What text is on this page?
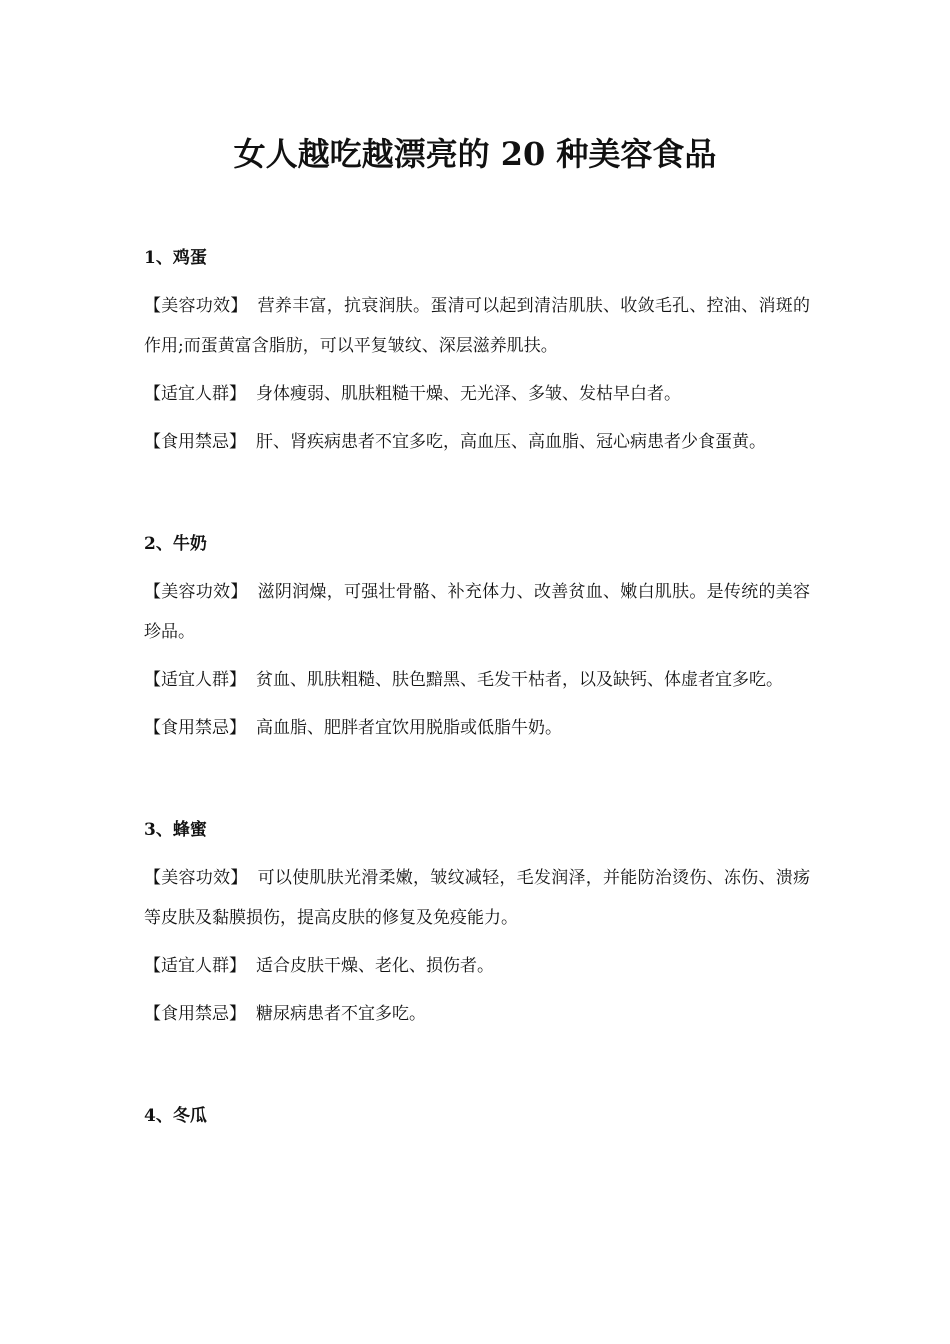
女人越吃越漂亮的 20 种美容食品
1、鸡蛋

【美容功效】 营养丰富，抗衰润肤。蛋清可以起到清洁肌肤、收敛毛孔、控油、消斑的作用;而蛋黄富含脂肪，可以平复皱纹、深层滋养肌扶。

【适宜人群】 身体瘦弱、肌肤粗糙干燥、无光泽、多皱、发枯早白者。

【食用禁忌】 肝、肾疾病患者不宜多吃，高血压、高血脂、冠心病患者少食蛋黄。

2、牛奶

【美容功效】 滋阴润燥，可强壮骨骼、补充体力、改善贫血、嫩白肌肤。是传统的美容珍品。

【适宜人群】 贫血、肌肤粗糙、肤色黯黑、毛发干枯者，以及缺钙、体虚者宜多吃。

【食用禁忌】 高血脂、肥胖者宜饮用脱脂或低脂牛奶。

3、蜂蜜

【美容功效】 可以使肌肤光滑柔嫩，皱纹减轻，毛发润泽，并能防治烫伤、冻伤、溃疡等皮肤及黏膜损伤，提高皮肤的修复及免疫能力。

【适宜人群】 适合皮肤干燥、老化、损伤者。

【食用禁忌】 糖尿病患者不宜多吃。

4、冬瓜
